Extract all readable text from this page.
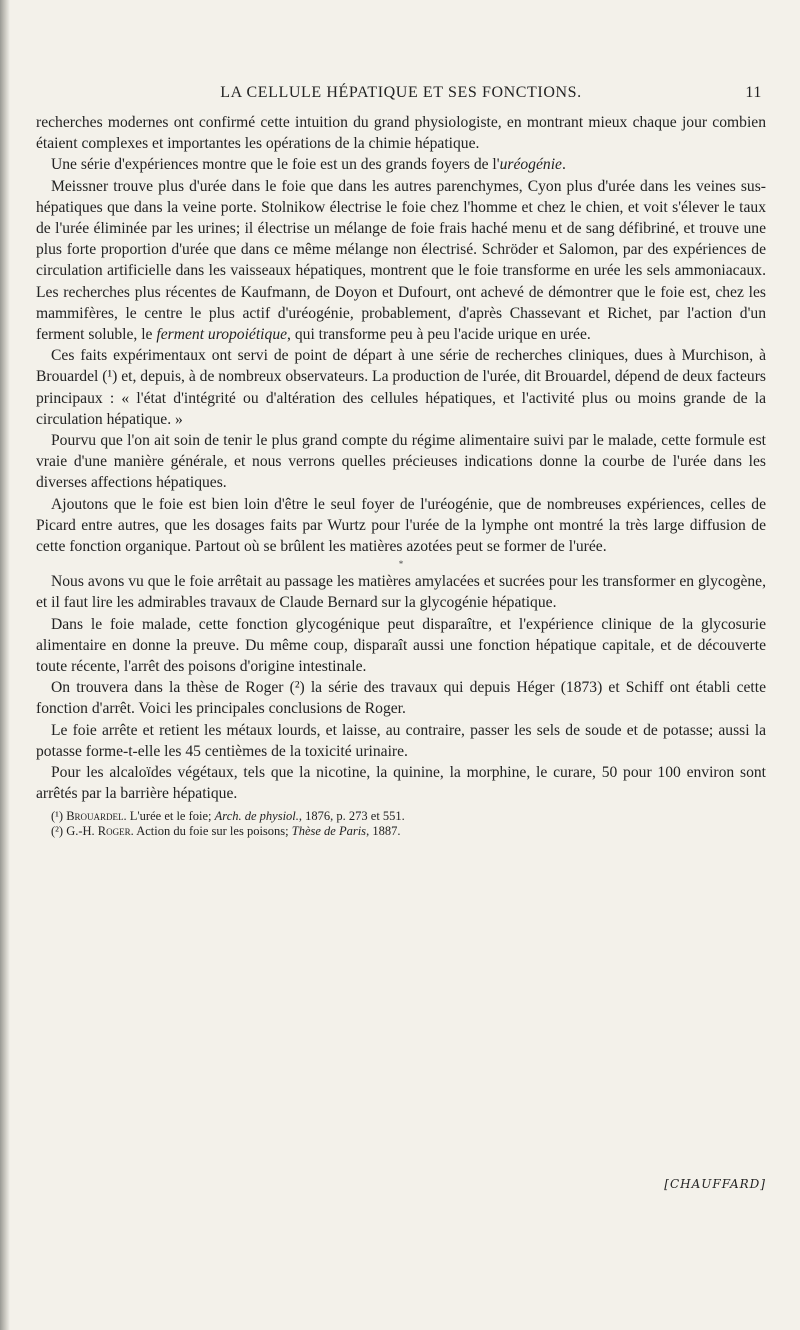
LA CELLULE HÉPATIQUE ET SES FONCTIONS.	11

recherches modernes ont confirmé cette intuition du grand physiologiste, en montrant mieux chaque jour combien étaient complexes et importantes les opérations de la chimie hépatique.

Une série d'expériences montre que le foie est un des grands foyers de l'uréogénie.

Meissner trouve plus d'urée dans le foie que dans les autres parenchymes, Cyon plus d'urée dans les veines sus-hépatiques que dans la veine porte. Stolnikow électrise le foie chez l'homme et chez le chien, et voit s'élever le taux de l'urée éliminée par les urines; il électrise un mélange de foie frais haché menu et de sang défibriné, et trouve une plus forte proportion d'urée que dans ce même mélange non électrisé. Schröder et Salomon, par des expériences de circulation artificielle dans les vaisseaux hépatiques, montrent que le foie transforme en urée les sels ammoniacaux. Les recherches plus récentes de Kaufmann, de Doyon et Dufourt, ont achevé de démontrer que le foie est, chez les mammifères, le centre le plus actif d'uréogénie, probablement, d'après Chassevant et Richet, par l'action d'un ferment soluble, le ferment uropoiétique, qui transforme peu à peu l'acide urique en urée.

Ces faits expérimentaux ont servi de point de départ à une série de recherches cliniques, dues à Murchison, à Brouardel (¹) et, depuis, à de nombreux observateurs. La production de l'urée, dit Brouardel, dépend de deux facteurs principaux : « l'état d'intégrité ou d'altération des cellules hépatiques, et l'activité plus ou moins grande de la circulation hépatique. »

Pourvu que l'on ait soin de tenir le plus grand compte du régime alimentaire suivi par le malade, cette formule est vraie d'une manière générale, et nous verrons quelles précieuses indications donne la courbe de l'urée dans les diverses affections hépatiques.

Ajoutons que le foie est bien loin d'être le seul foyer de l'uréogénie, que de nombreuses expériences, celles de Picard entre autres, que les dosages faits par Wurtz pour l'urée de la lymphe ont montré la très large diffusion de cette fonction organique. Partout où se brûlent les matières azotées peut se former de l'urée.

*

Nous avons vu que le foie arrêtait au passage les matières amylacées et sucrées pour les transformer en glycogène, et il faut lire les admirables travaux de Claude Bernard sur la glycogénie hépatique.

Dans le foie malade, cette fonction glycogénique peut disparaître, et l'expérience clinique de la glycosurie alimentaire en donne la preuve. Du même coup, disparaît aussi une fonction hépatique capitale, et de découverte toute récente, l'arrêt des poisons d'origine intestinale.

On trouvera dans la thèse de Roger (²) la série des travaux qui depuis Héger (1873) et Schiff ont établi cette fonction d'arrêt. Voici les principales conclusions de Roger.

Le foie arrête et retient les métaux lourds, et laisse, au contraire, passer les sels de soude et de potasse; aussi la potasse forme-t-elle les 45 centièmes de la toxicité urinaire.

Pour les alcaloïdes végétaux, tels que la nicotine, la quinine, la morphine, le curare, 50 pour 100 environ sont arrêtés par la barrière hépatique.

(¹) Brouardel. L'urée et le foie; Arch. de physiol., 1876, p. 273 et 551.

(²) G.-H. Roger. Action du foie sur les poisons; Thèse de Paris, 1887.

[CHAUFFARD]
